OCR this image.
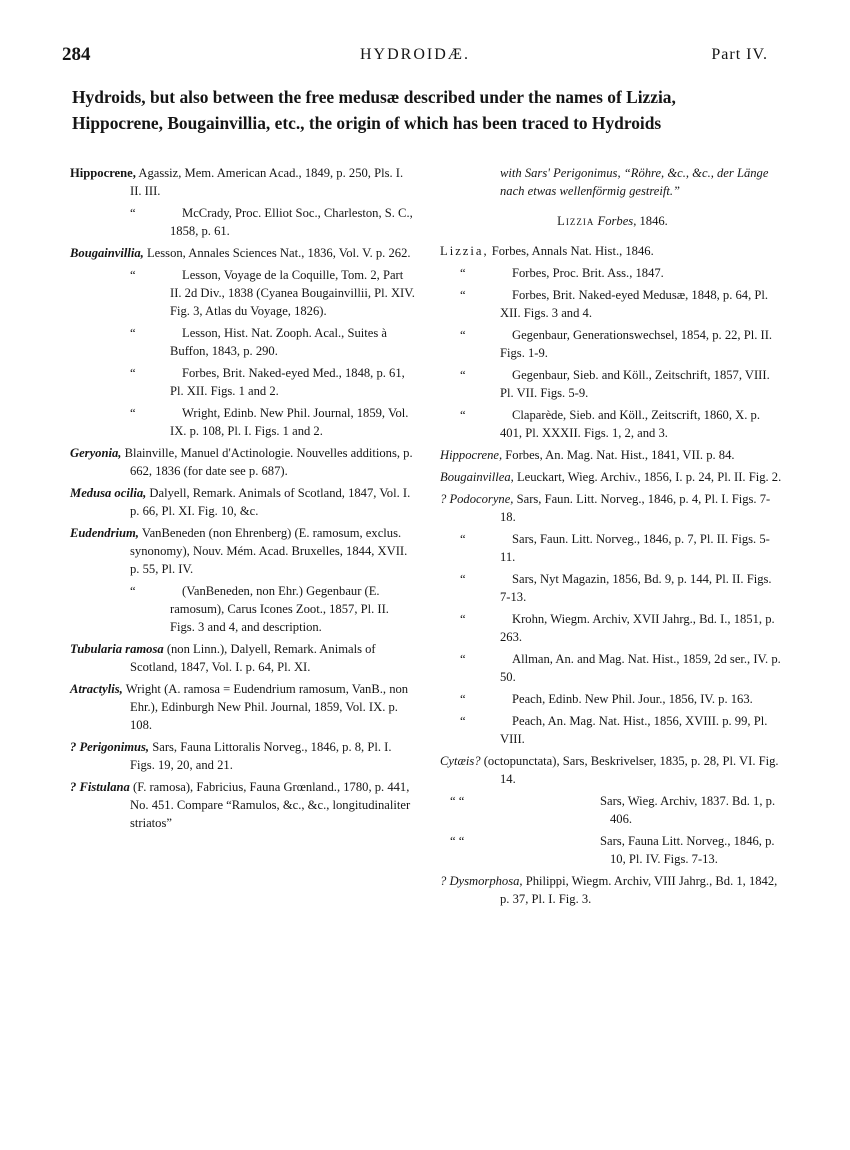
284	HYDROIDÆ.	Part IV.
Hydroids, but also between the free medusæ described under the names of Lizzia,
Hippocrene, Bougainvillia, etc., the origin of which has been traced to Hydroids
Hippocrene, Agassiz, Mem. American Acad., 1849, p. 250, Pls. I. II. III.
“	McCrady, Proc. Elliot Soc., Charleston, S. C., 1858, p. 61.
Bougainvillia, Lesson, Annales Sciences Nat., 1836, Vol. V. p. 262.
“	Lesson, Voyage de la Coquille, Tom. 2, Part II. 2d Div., 1838 (Cyanea Bougainvillii, Pl. XIV. Fig. 3, Atlas du Voyage, 1826).
“	Lesson, Hist. Nat. Zooph. Acal., Suites à Buffon, 1843, p. 290.
“	Forbes, Brit. Naked-eyed Med., 1848, p. 61, Pl. XII. Figs. 1 and 2.
“	Wright, Edinb. New Phil. Journal, 1859, Vol. IX. p. 108, Pl. I. Figs. 1 and 2.
Geryonia, Blainville, Manuel d'Actinologie. Nouvelles additions, p. 662, 1836 (for date see p. 687).
Medusa ocilia, Dalyell, Remark. Animals of Scotland, 1847, Vol. I. p. 66, Pl. XI. Fig. 10, &c.
Eudendrium, VanBeneden (non Ehrenberg) (E. ramosum, exclus. synonomy), Nouv. Mém. Acad. Bruxelles, 1844, XVII. p. 55, Pl. IV.
“	(VanBeneden, non Ehr.) Gegenbaur (E. ramosum), Carus Icones Zoot., 1857, Pl. II. Figs. 3 and 4, and description.
Tubularia ramosa (non Linn.), Dalyell, Remark. Animals of Scotland, 1847, Vol. I. p. 64, Pl. XI.
Atractylis, Wright (A. ramosa = Eudendrium ramosum, VanB., non Ehr.), Edinburgh New Phil. Journal, 1859, Vol. IX. p. 108.
? Perigonimus, Sars, Fauna Littoralis Norveg., 1846, p. 8, Pl. I. Figs. 19, 20, and 21.
? Fistulana (F. ramosa), Fabricius, Fauna Grœnland., 1780, p. 441, No. 451. Compare “Ramulos, &c., &c., longitudinaliter striatos”
with Sars' Perigonimus, “Röhre, &c., &c., der Länge nach etwas wellenförmig gestreift.”
Lizzia Forbes, 1846.
Lizzia, Forbes, Annals Nat. Hist., 1846.
“	Forbes, Proc. Brit. Ass., 1847.
“	Forbes, Brit. Naked-eyed Medusæ, 1848, p. 64, Pl. XII. Figs. 3 and 4.
“	Gegenbaur, Generationswechsel, 1854, p. 22, Pl. II. Figs. 1-9.
“	Gegenbaur, Sieb. and Köll., Zeitschrift, 1857, VIII. Pl. VII. Figs. 5-9.
“	Claparède, Sieb. and Köll., Zeitscrift, 1860, X. p. 401, Pl. XXXII. Figs. 1, 2, and 3.
Hippocrene, Forbes, An. Mag. Nat. Hist., 1841, VII. p. 84.
Bougainvillea, Leuckart, Wieg. Archiv., 1856, I. p. 24, Pl. II. Fig. 2.
? Podocoryne, Sars, Faun. Litt. Norveg., 1846, p. 4, Pl. I. Figs. 7-18.
“	Sars, Faun. Litt. Norveg., 1846, p. 7, Pl. II. Figs. 5-11.
“	Sars, Nyt Magazin, 1856, Bd. 9, p. 144, Pl. II. Figs. 7-13.
“	Krohn, Wiegm. Archiv, XVII Jahrg., Bd. I., 1851, p. 263.
“	Allman, An. and Mag. Nat. Hist., 1859, 2d ser., IV. p. 50.
“	Peach, Edinb. New Phil. Jour., 1856, IV. p. 163.
“	Peach, An. Mag. Nat. Hist., 1856, XVIII. p. 99, Pl. VIII.
Cytæis? (octopunctata), Sars, Beskrivelser, 1835, p. 28, Pl. VI. Fig. 14.
“ “	Sars, Wieg. Archiv, 1837. Bd. 1, p. 406.
“ “	Sars, Fauna Litt. Norveg., 1846, p. 10, Pl. IV. Figs. 7-13.
? Dysmorphosa, Philippi, Wiegm. Archiv, VIII Jahrg., Bd. 1, 1842, p. 37, Pl. I. Fig. 3.
